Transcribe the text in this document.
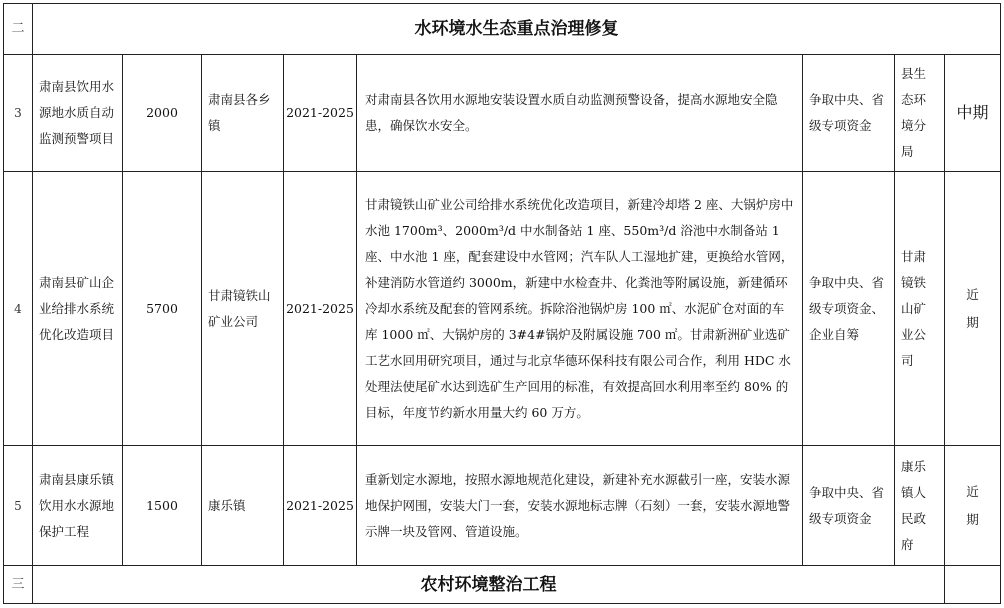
二	水环境水生态重点治理修复							
3	肃南县饮用水源地水质自动监测预警项目	2000	肃南县各乡镇	2021-2025	对肃南县各饮用水源地安装设置水质自动监测预警设备，提高水源地安全隐患，确保饮水安全。	争取中央、省级专项资金	县生态环境分局	中期
4	肃南县矿山企业给排水系统优化改造项目	5700	甘肃镜铁山矿业公司	2021-2025	甘肃镜铁山矿业公司给排水系统优化改造项目，新建冷却塔 2 座、大锅炉房中水池 1700m³、2000m³/d 中水制备站 1 座、550m³/d 浴池中水制备站 1 座、中水池 1 座，配套建设中水管网；汽车队人工湿地扩建，更换给水管网，补建消防水管道约 3000m，新建中水检查井、化粪池等附属设施，新建循环冷却水系统及配套的管网系统。拆除浴池锅炉房 100 ㎡、水泥矿仓对面的车库 1000 ㎡、大锅炉房的 3#4#锅炉及附属设施 700 ㎡。甘肃新洲矿业选矿工艺水回用研究项目，通过与北京华德环保科技有限公司合作，利用 HDC 水处理法使尾矿水达到选矿生产回用的标准，有效提高回水利用率至约 80% 的目标，年度节约新水用量大约 60 万方。	争取中央、省级专项资金、企业自筹	甘肃镜铁山矿业公司	近期

5	肃南县康乐镇饮用水水源地保护工程	1500	康乐镇	2021-2025	重新划定水源地，按照水源地规范化建设，新建补充水源截引一座，安装水源地保护网围，安装大门一套，安装水源地标志牌（石刻）一套，安装水源地警示牌一块及管网、管道设施。	争取中央、省级专项资金	康乐镇人民政府	近期

三	农村环境整治工程							
